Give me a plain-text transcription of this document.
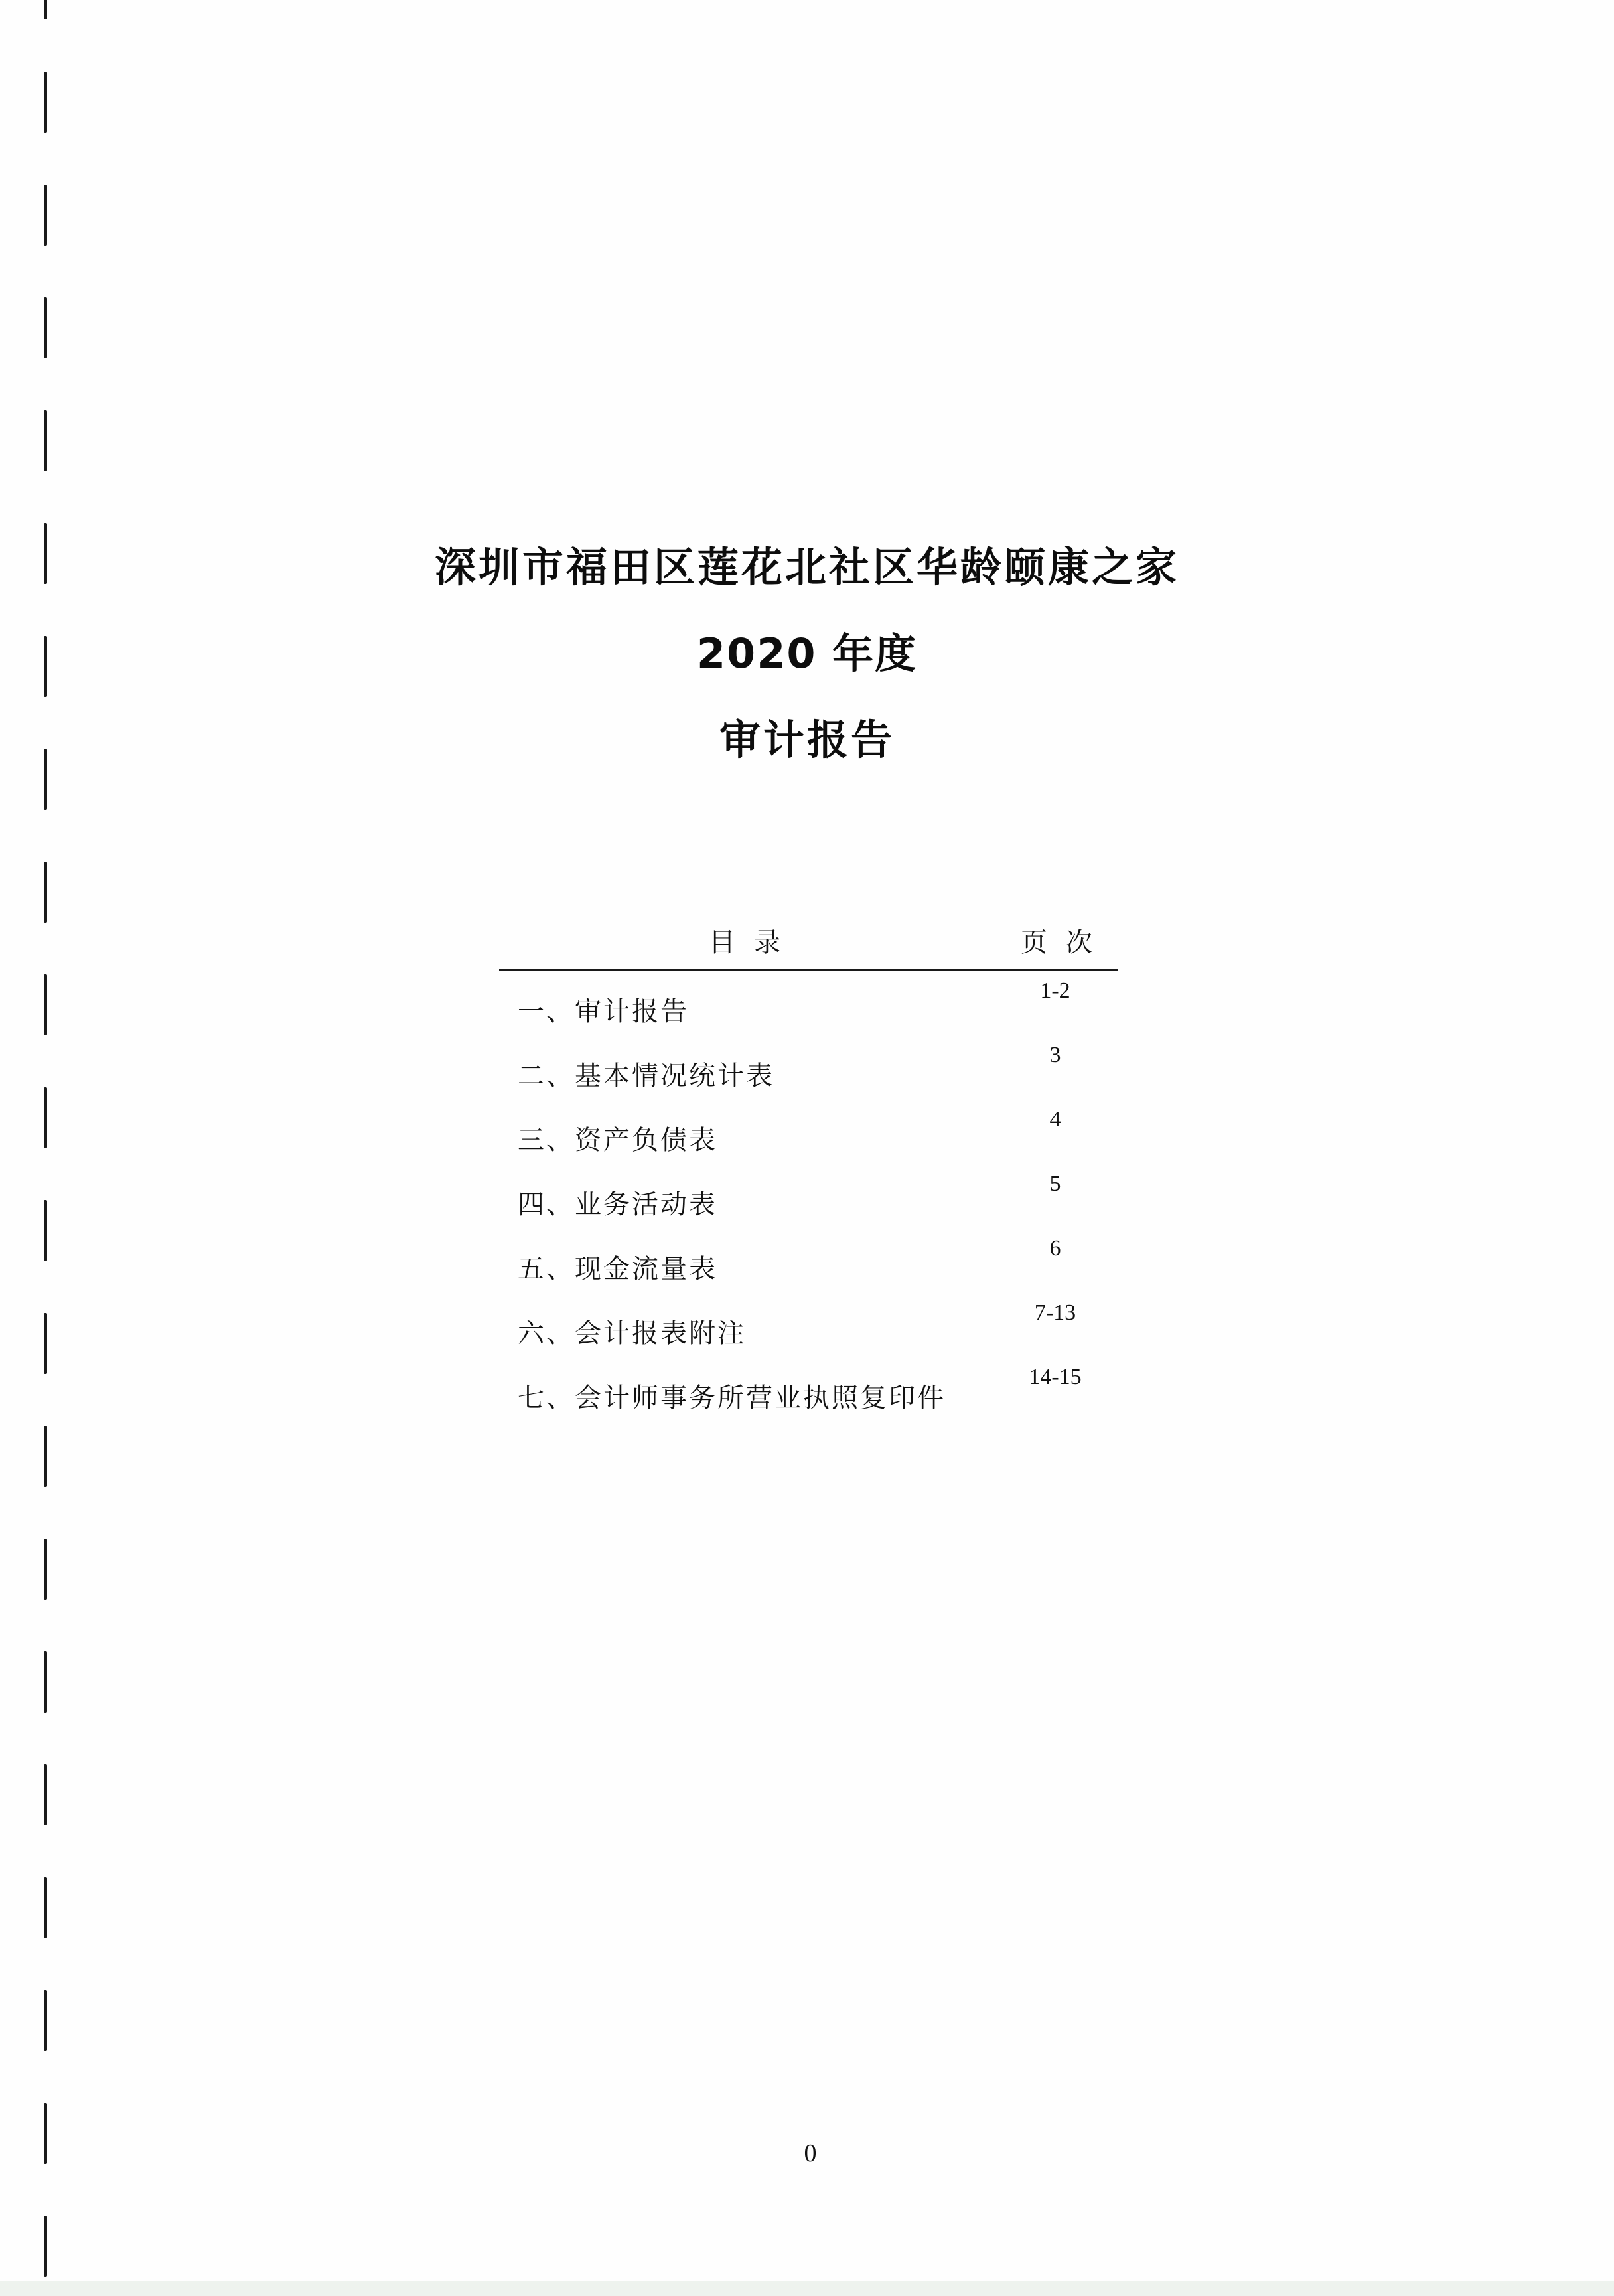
深圳市福田区莲花北社区华龄颐康之家
2020 年度
审计报告
目录	页次
一、审计报告
1-2
二、基本情况统计表
3
三、资产负债表
4
四、业务活动表
5
五、现金流量表
6
六、会计报表附注
7-13
七、会计师事务所营业执照复印件
14-15
0
